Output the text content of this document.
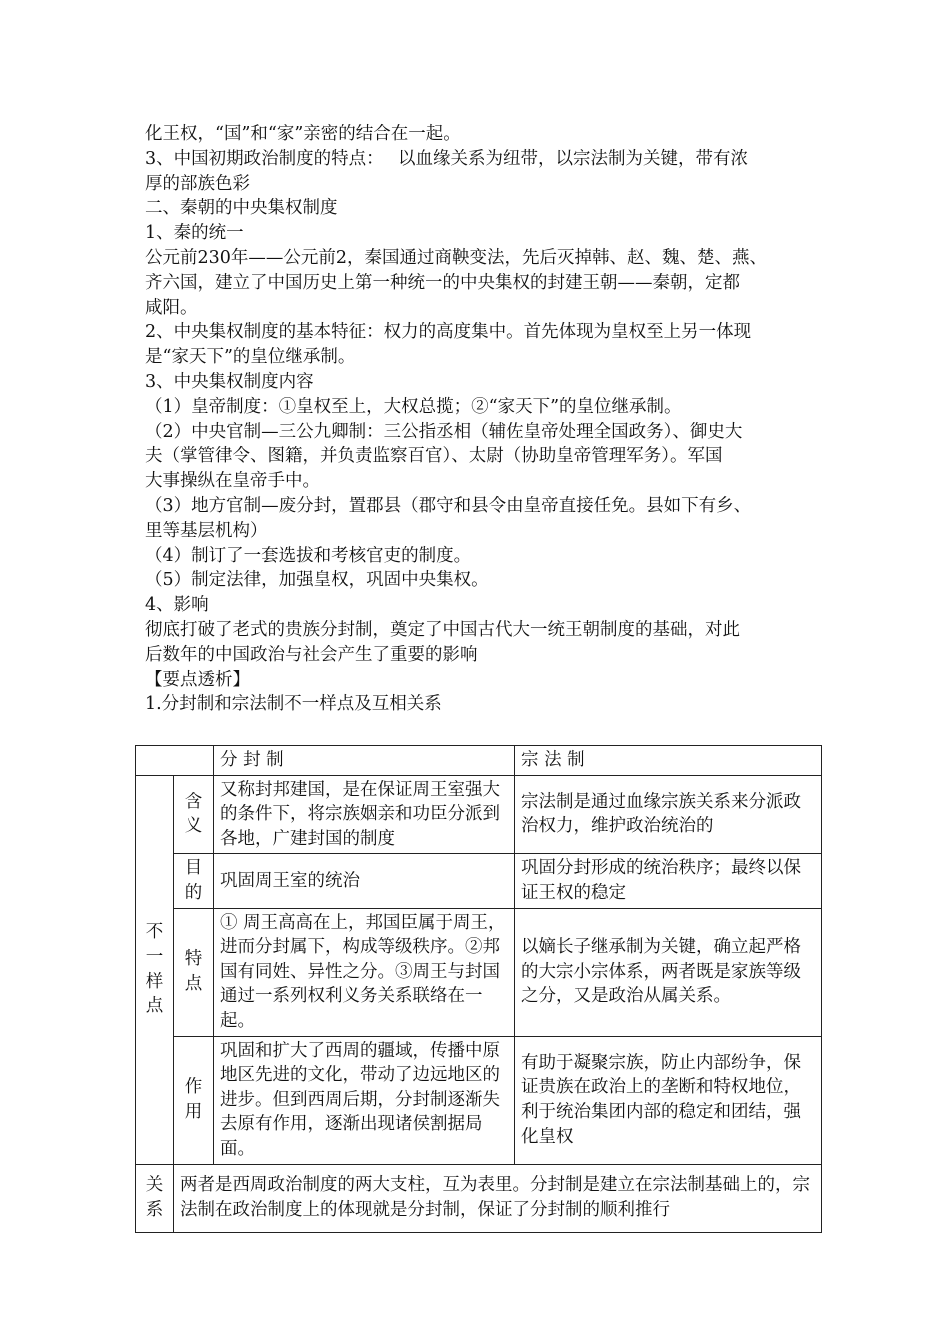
化王权，“国”和“家”亲密的结合在一起。

3、中国初期政治制度的特点：　 以血缘关系为纽带，以宗法制为关键，带有浓

厚的部族色彩

二、秦朝的中央集权制度

1、秦的统一

公元前230年——公元前2，秦国通过商鞅变法，先后灭掉韩、赵、魏、楚、燕、

齐六国，建立了中国历史上第一种统一的中央集权的封建王朝——秦朝，定都

咸阳。

2、中央集权制度的基本特征：权力的高度集中。首先体现为皇权至上另一体现

是“家天下”的皇位继承制。

3、中央集权制度内容

（1）皇帝制度：①皇权至上，大权总揽；②“家天下”的皇位继承制。

（2）中央官制—三公九卿制：三公指丞相（辅佐皇帝处理全国政务）、御史大

夫（掌管律令、图籍，并负责监察百官）、太尉（协助皇帝管理军务）。军国

大事操纵在皇帝手中。

（3）地方官制—废分封，置郡县（郡守和县令由皇帝直接任免。县如下有乡、

里等基层机构）

（4）制订了一套选拔和考核官吏的制度。

（5）制定法律，加强皇权，巩固中央集权。

4、影响

彻底打破了老式的贵族分封制，奠定了中国古代大一统王朝制度的基础，对此

后数年的中国政治与社会产生了重要的影响

【要点透析】

1.分封制和宗法制不一样点及互相关系

		分 封 制	宗 法 制
不一样点	含义	又称封邦建国，是在保证周王室强大的条件下，将宗族姻亲和功臣分派到各地，广建封国的制度	宗法制是通过血缘宗族关系来分派政治权力，维护政治统治的
	目的	巩固周王室的统治	巩固分封形成的统治秩序；最终以保证王权的稳定
	特点	① 周王高高在上，邦国臣属于周王，进而分封属下，构成等级秩序。②邦国有同姓、异性之分。③周王与封国通过一系列权利义务关系联络在一起。	以嫡长子继承制为关键，确立起严格的大宗小宗体系，两者既是家族等级之分，又是政治从属关系。
	作用	巩固和扩大了西周的疆域，传播中原地区先进的文化，带动了边远地区的进步。但到西周后期，分封制逐渐失去原有作用，逐渐出现诸侯割据局面。	有助于凝聚宗族，防止内部纷争，保证贵族在政治上的垄断和特权地位，利于统治集团内部的稳定和团结，强化皇权
关系	两者是西周政治制度的两大支柱，互为表里。分封制是建立在宗法制基础上的，宗法制在政治制度上的体现就是分封制，保证了分封制的顺利推行		
